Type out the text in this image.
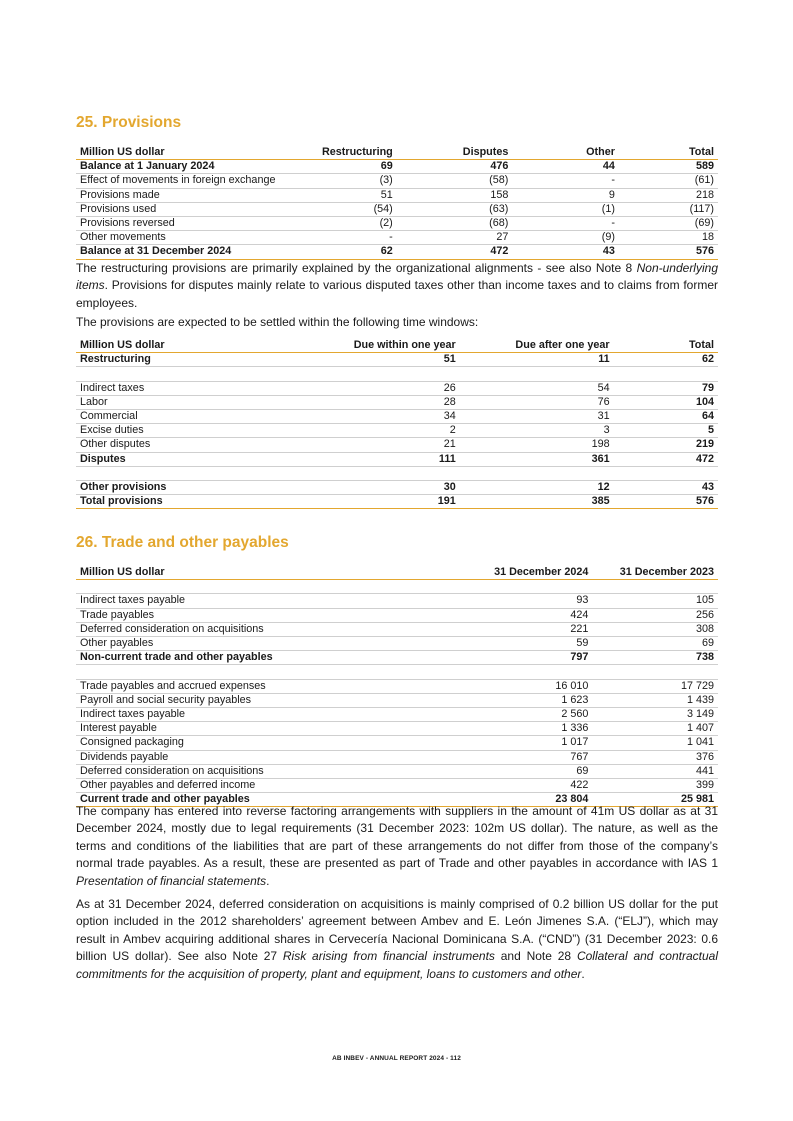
25. Provisions
Million US dollar	Restructuring	Disputes	Other	Total
Balance at 1 January 2024	69	476	44	589
Effect of movements in foreign exchange	(3)	(58)	-	(61)
Provisions made	51	158	9	218
Provisions used	(54)	(63)	(1)	(117)
Provisions reversed	(2)	(68)	-	(69)
Other movements	-	27	(9)	18
Balance at 31 December 2024	62	472	43	576

The restructuring provisions are primarily explained by the organizational alignments - see also Note 8 Non-underlying items. Provisions for disputes mainly relate to various disputed taxes other than income taxes and to claims from former employees.

The provisions are expected to be settled within the following time windows:

Million US dollar	Due within one year	Due after one year	Total
Restructuring	51	11	62

Indirect taxes	26	54	79
Labor	28	76	104
Commercial	34	31	64
Excise duties	2	3	5
Other disputes	21	198	219
Disputes	111	361	472

Other provisions	30	12	43
Total provisions	191	385	576
26. Trade and other payables
Million US dollar	31 December 2024	31 December 2023

Indirect taxes payable	93	105
Trade payables	424	256
Deferred consideration on acquisitions	221	308
Other payables	59	69
Non-current trade and other payables	797	738

Trade payables and accrued expenses	16 010	17 729
Payroll and social security payables	1 623	1 439
Indirect taxes payable	2 560	3 149
Interest payable	1 336	1 407
Consigned packaging	1 017	1 041
Dividends payable	767	376
Deferred consideration on acquisitions	69	441
Other payables and deferred income	422	399
Current trade and other payables	23 804	25 981

The company has entered into reverse factoring arrangements with suppliers in the amount of 41m US dollar as at 31 December 2024, mostly due to legal requirements (31 December 2023: 102m US dollar). The nature, as well as the terms and conditions of the liabilities that are part of these arrangements do not differ from those of the company’s normal trade payables. As a result, these are presented as part of Trade and other payables in accordance with IAS 1 Presentation of financial statements.

As at 31 December 2024, deferred consideration on acquisitions is mainly comprised of 0.2 billion US dollar for the put option included in the 2012 shareholders’ agreement between Ambev and E. León Jimenes S.A. (“ELJ”), which may result in Ambev acquiring additional shares in Cervecería Nacional Dominicana S.A. (“CND”) (31 December 2023: 0.6 billion US dollar). See also Note 27 Risk arising from financial instruments and Note 28 Collateral and contractual commitments for the acquisition of property, plant and equipment, loans to customers and other.

AB INBEV - ANNUAL REPORT 2024 - 112
